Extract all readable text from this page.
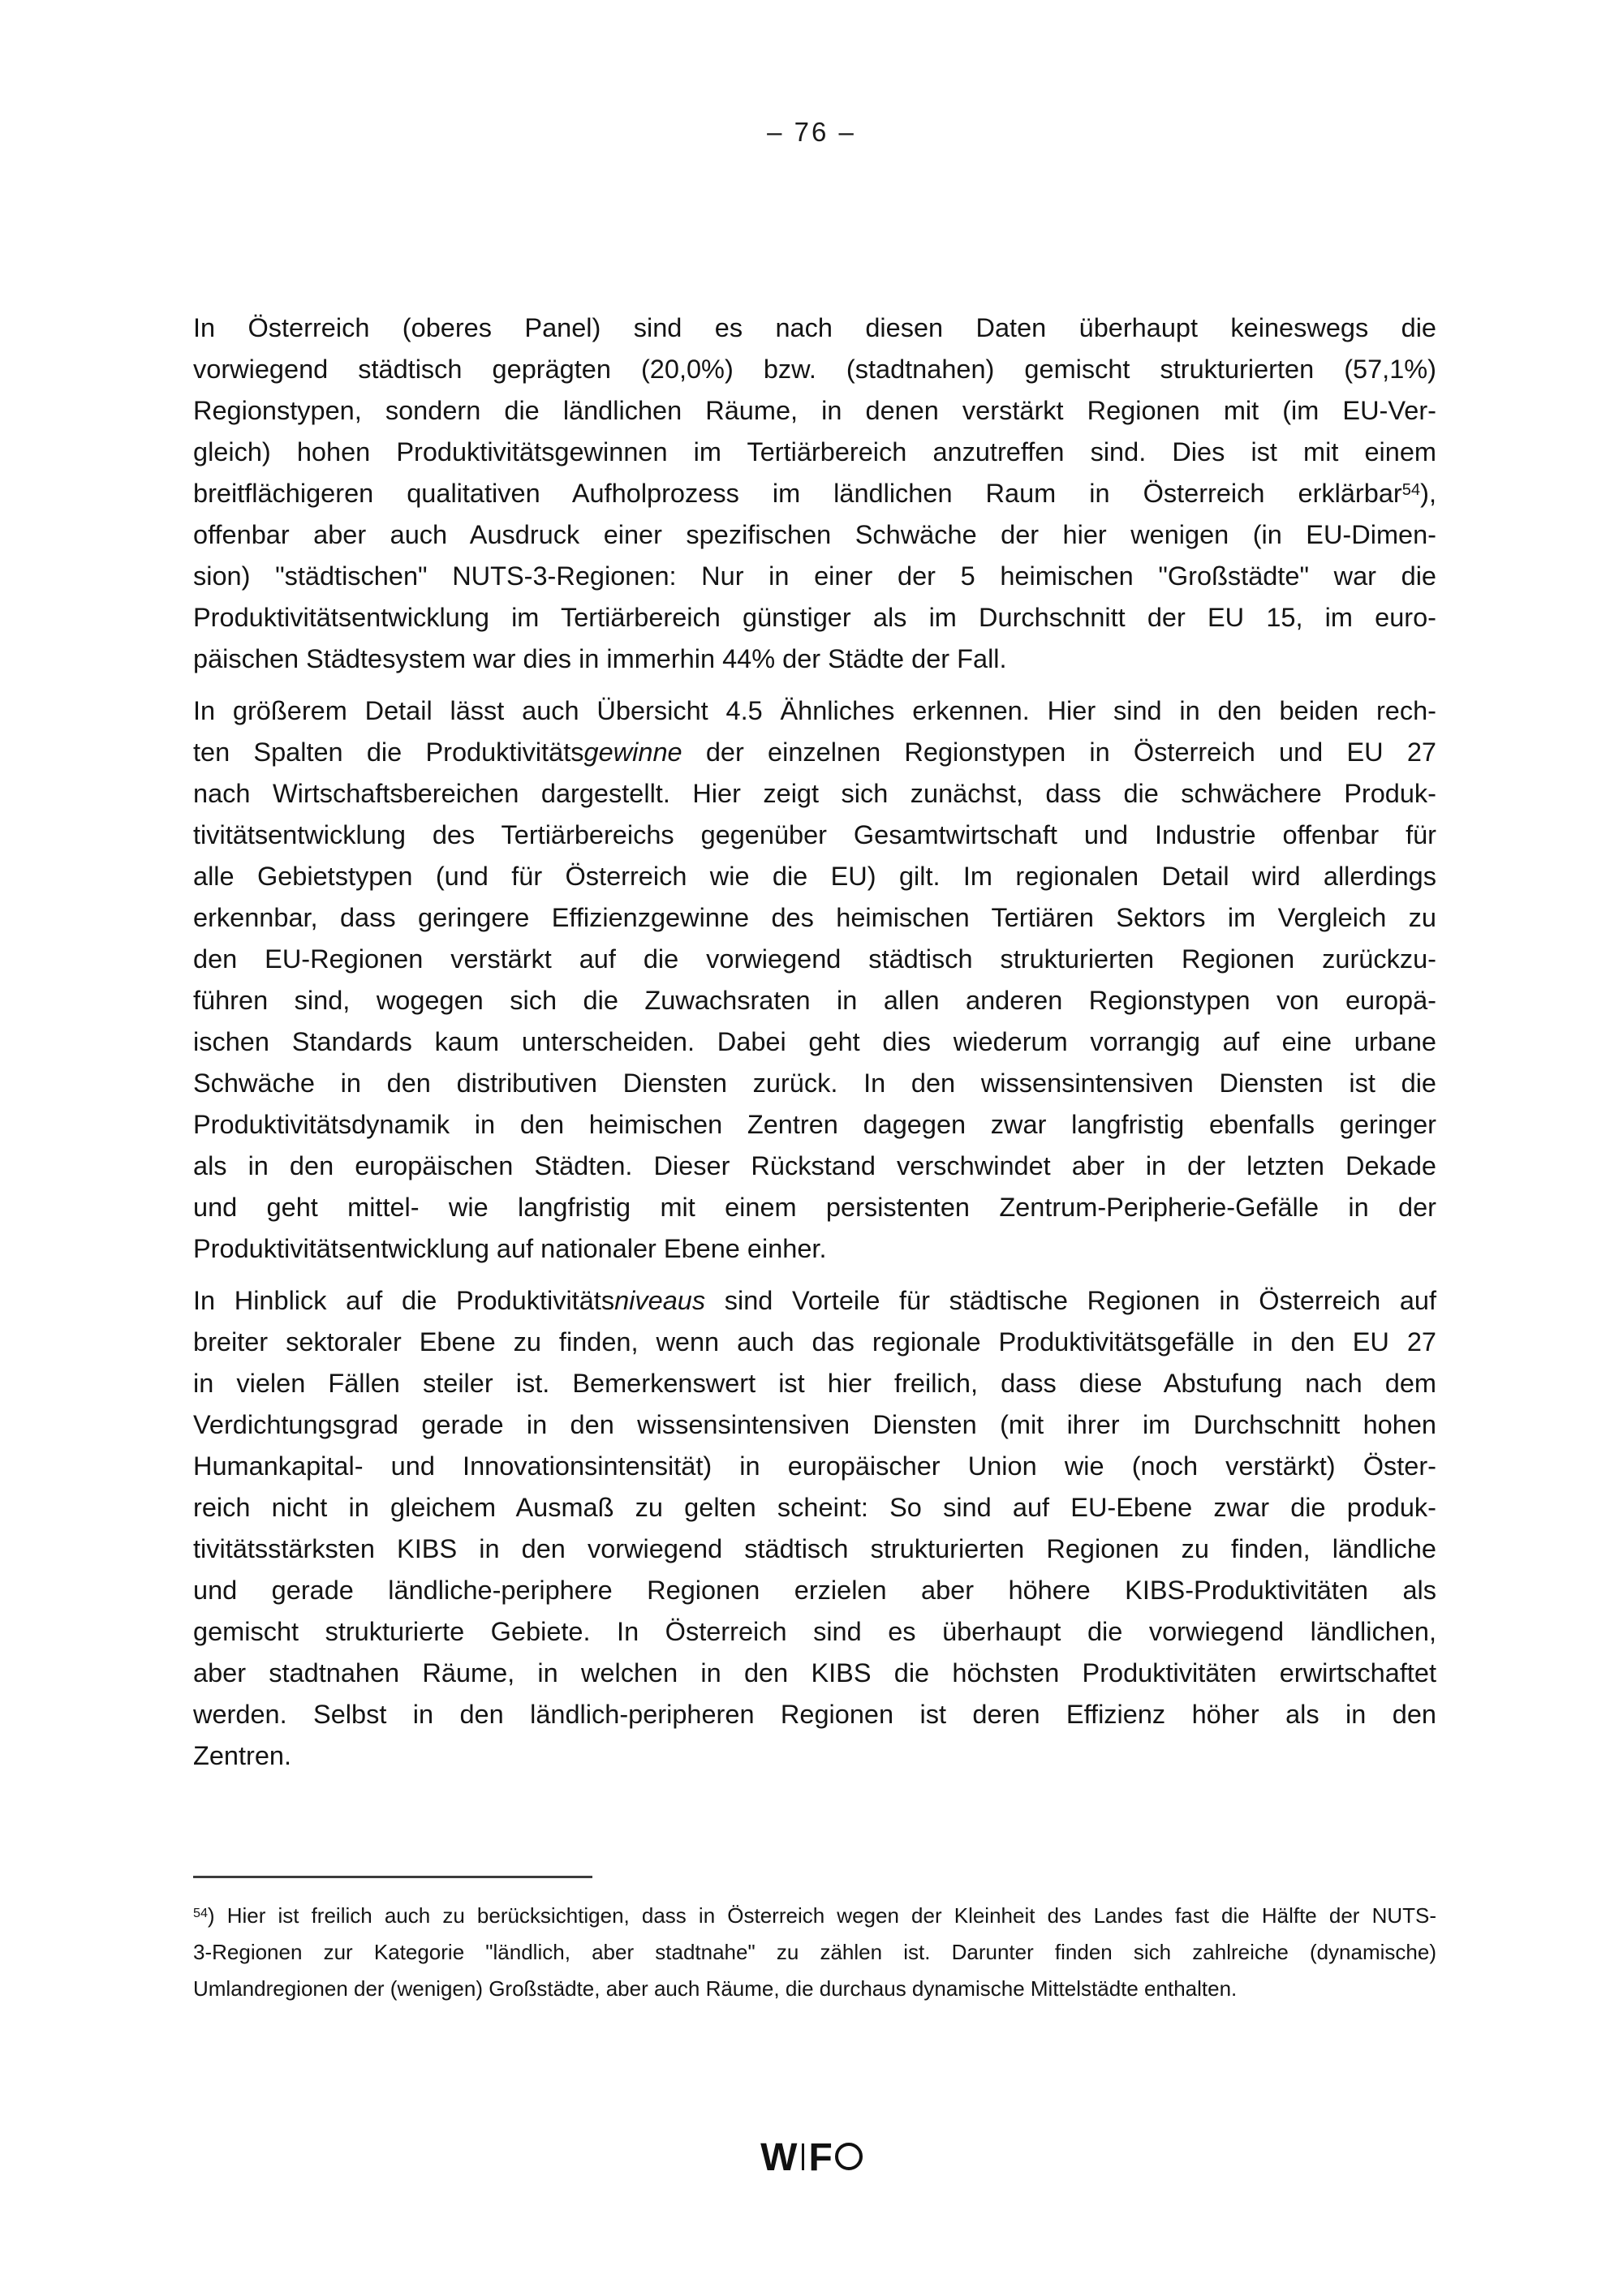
– 76 –
In Österreich (oberes Panel) sind es nach diesen Daten überhaupt keineswegs die
vorwiegend städtisch geprägten (20,0%) bzw. (stadtnahen) gemischt strukturierten (57,1%)
Regionstypen, sondern die ländlichen Räume, in denen verstärkt Regionen mit (im EU-Ver-
gleich) hohen Produktivitätsgewinnen im Tertiärbereich anzutreffen sind. Dies ist mit einem
breitflächigeren qualitativen Aufholprozess im ländlichen Raum in Österreich erklärbar$^{54}$),
offenbar aber auch Ausdruck einer spezifischen Schwäche der hier wenigen (in EU-Dimen-
sion) "städtischen" NUTS-3-Regionen: Nur in einer der 5 heimischen "Großstädte" war die
Produktivitätsentwicklung im Tertiärbereich günstiger als im Durchschnitt der EU 15, im euro-
päischen Städtesystem war dies in immerhin 44% der Städte der Fall.
In größerem Detail lässt auch Übersicht 4.5 Ähnliches erkennen. Hier sind in den beiden rech-
ten Spalten die Produktivitätsgewinne der einzelnen Regionstypen in Österreich und EU 27
nach Wirtschaftsbereichen dargestellt. Hier zeigt sich zunächst, dass die schwächere Produk-
tivitätsentwicklung des Tertiärbereichs gegenüber Gesamtwirtschaft und Industrie offenbar für
alle Gebietstypen (und für Österreich wie die EU) gilt. Im regionalen Detail wird allerdings
erkennbar, dass geringere Effizienzgewinne des heimischen Tertiären Sektors im Vergleich zu
den EU-Regionen verstärkt auf die vorwiegend städtisch strukturierten Regionen zurückzu-
führen sind, wogegen sich die Zuwachsraten in allen anderen Regionstypen von europä-
ischen Standards kaum unterscheiden. Dabei geht dies wiederum vorrangig auf eine urbane
Schwäche in den distributiven Diensten zurück. In den wissensintensiven Diensten ist die
Produktivitätsdynamik in den heimischen Zentren dagegen zwar langfristig ebenfalls geringer
als in den europäischen Städten. Dieser Rückstand verschwindet aber in der letzten Dekade
und geht mittel- wie langfristig mit einem persistenten Zentrum-Peripherie-Gefälle in der
Produktivitätsentwicklung auf nationaler Ebene einher.
In Hinblick auf die Produktivitätsniveaus sind Vorteile für städtische Regionen in Österreich auf
breiter sektoraler Ebene zu finden, wenn auch das regionale Produktivitätsgefälle in den EU 27
in vielen Fällen steiler ist. Bemerkenswert ist hier freilich, dass diese Abstufung nach dem
Verdichtungsgrad gerade in den wissensintensiven Diensten (mit ihrer im Durchschnitt hohen
Humankapital- und Innovationsintensität) in europäischer Union wie (noch verstärkt) Öster-
reich nicht in gleichem Ausmaß zu gelten scheint: So sind auf EU-Ebene zwar die produk-
tivitätsstärksten KIBS in den vorwiegend städtisch strukturierten Regionen zu finden, ländliche
und gerade ländliche-periphere Regionen erzielen aber höhere KIBS-Produktivitäten als
gemischt strukturierte Gebiete. In Österreich sind es überhaupt die vorwiegend ländlichen,
aber stadtnahen Räume, in welchen in den KIBS die höchsten Produktivitäten erwirtschaftet
werden. Selbst in den ländlich-peripheren Regionen ist deren Effizienz höher als in den
Zentren.
$^{54}$) Hier ist freilich auch zu berücksichtigen, dass in Österreich wegen der Kleinheit des Landes fast die Hälfte der NUTS-
3-Regionen zur Kategorie "ländlich, aber stadtnahe" zu zählen ist. Darunter finden sich zahlreiche (dynamische)
Umlandregionen der (wenigen) Großstädte, aber auch Räume, die durchaus dynamische Mittelstädte enthalten.
W F
